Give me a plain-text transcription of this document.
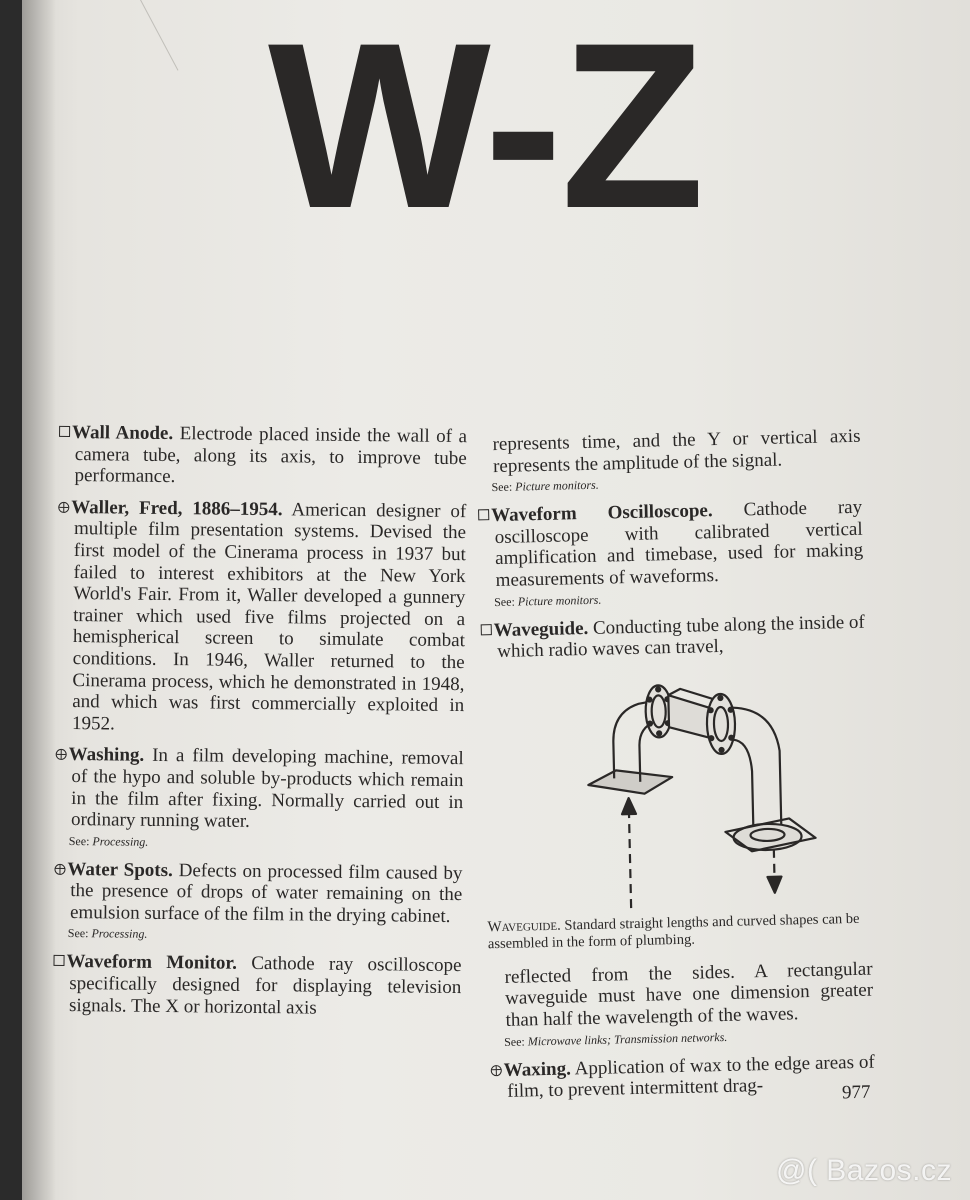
W-Z
Wall Anode. Electrode placed inside the wall of a camera tube, along its axis, to improve tube performance.
Waller, Fred, 1886–1954. American designer of multiple film presentation systems. Devised the first model of the Cinerama process in 1937 but failed to interest exhibitors at the New York World's Fair. From it, Waller developed a gunnery trainer which used five films projected on a hemispherical screen to simulate combat conditions. In 1946, Waller returned to the Cinerama process, which he demonstrated in 1948, and which was first commercially exploited in 1952.
Washing. In a film developing machine, removal of the hypo and soluble by-products which remain in the film after fixing. Normally carried out in ordinary running water.
See: Processing.
Water Spots. Defects on processed film caused by the presence of drops of water remaining on the emulsion surface of the film in the drying cabinet.
See: Processing.
Waveform Monitor. Cathode ray oscilloscope specifically designed for displaying television signals. The X or horizontal axis
represents time, and the Y or vertical axis represents the amplitude of the signal.
See: Picture monitors.
Waveform Oscilloscope. Cathode ray oscilloscope with calibrated vertical amplification and timebase, used for making measurements of waveforms.
See: Picture monitors.
Waveguide. Conducting tube along the inside of which radio waves can travel,
Waveguide. Standard straight lengths and curved shapes can be assembled in the form of plumbing.
reflected from the sides. A rectangular waveguide must have one dimension greater than half the wavelength of the waves.
See: Microwave links; Transmission networks.
Waxing. Application of wax to the edge areas of film, to prevent intermittent drag-	977
@( Bazos.cz
